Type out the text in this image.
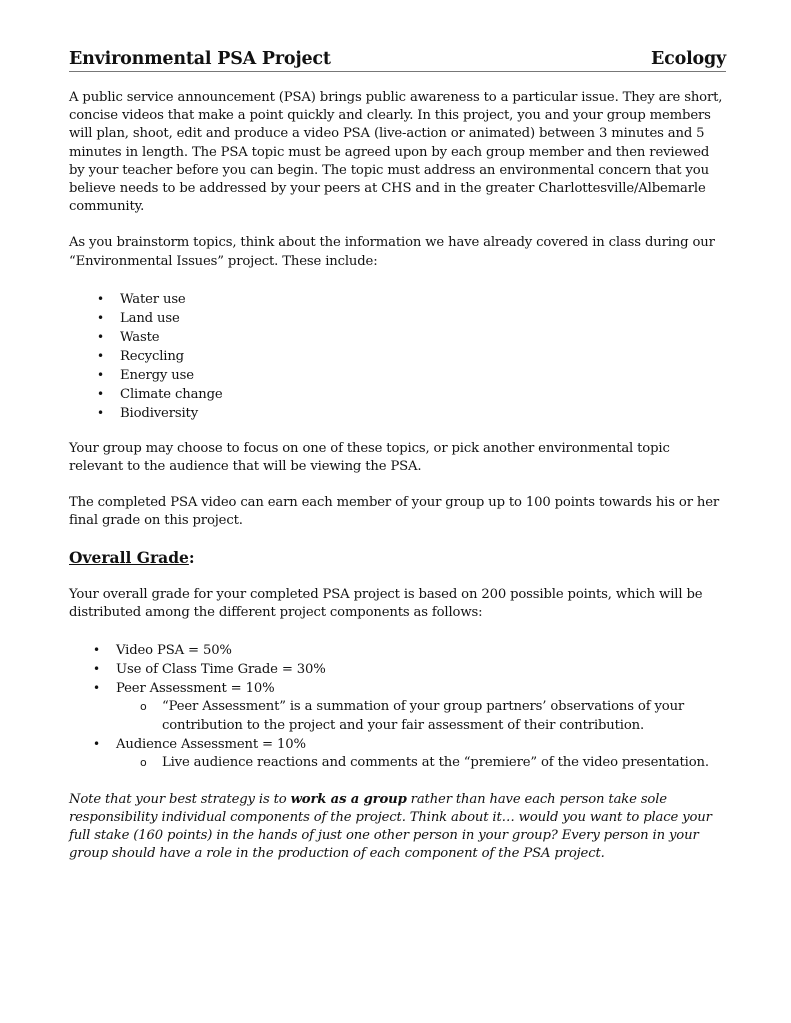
Environmental PSA Project	Ecology

A public service announcement (PSA) brings public awareness to a particular issue. They are short, concise videos that make a point quickly and clearly. In this project, you and your group members will plan, shoot, edit and produce a video PSA (live-action or animated) between 3 minutes and 5 minutes in length. The PSA topic must be agreed upon by each group member and then reviewed by your teacher before you can begin. The topic must address an environmental concern that you believe needs to be addressed by your peers at CHS and in the greater Charlottesville/Albemarle community.

As you brainstorm topics, think about the information we have already covered in class during our “Environmental Issues” project. These include:

• Water use
• Land use
• Waste
• Recycling
• Energy use
• Climate change
• Biodiversity

Your group may choose to focus on one of these topics, or pick another environmental topic relevant to the audience that will be viewing the PSA.

The completed PSA video can earn each member of your group up to 100 points towards his or her final grade on this project.

Overall Grade:

Your overall grade for your completed PSA project is based on 200 possible points, which will be distributed among the different project components as follows:

• Video PSA = 50%
• Use of Class Time Grade = 30%
• Peer Assessment = 10%
o “Peer Assessment” is a summation of your group partners’ observations of your contribution to the project and your fair assessment of their contribution.
• Audience Assessment = 10%
o Live audience reactions and comments at the “premiere” of the video presentation.

Note that your best strategy is to work as a group rather than have each person take sole responsibility individual components of the project. Think about it… would you want to place your full stake (160 points) in the hands of just one other person in your group? Every person in your group should have a role in the production of each component of the PSA project.
